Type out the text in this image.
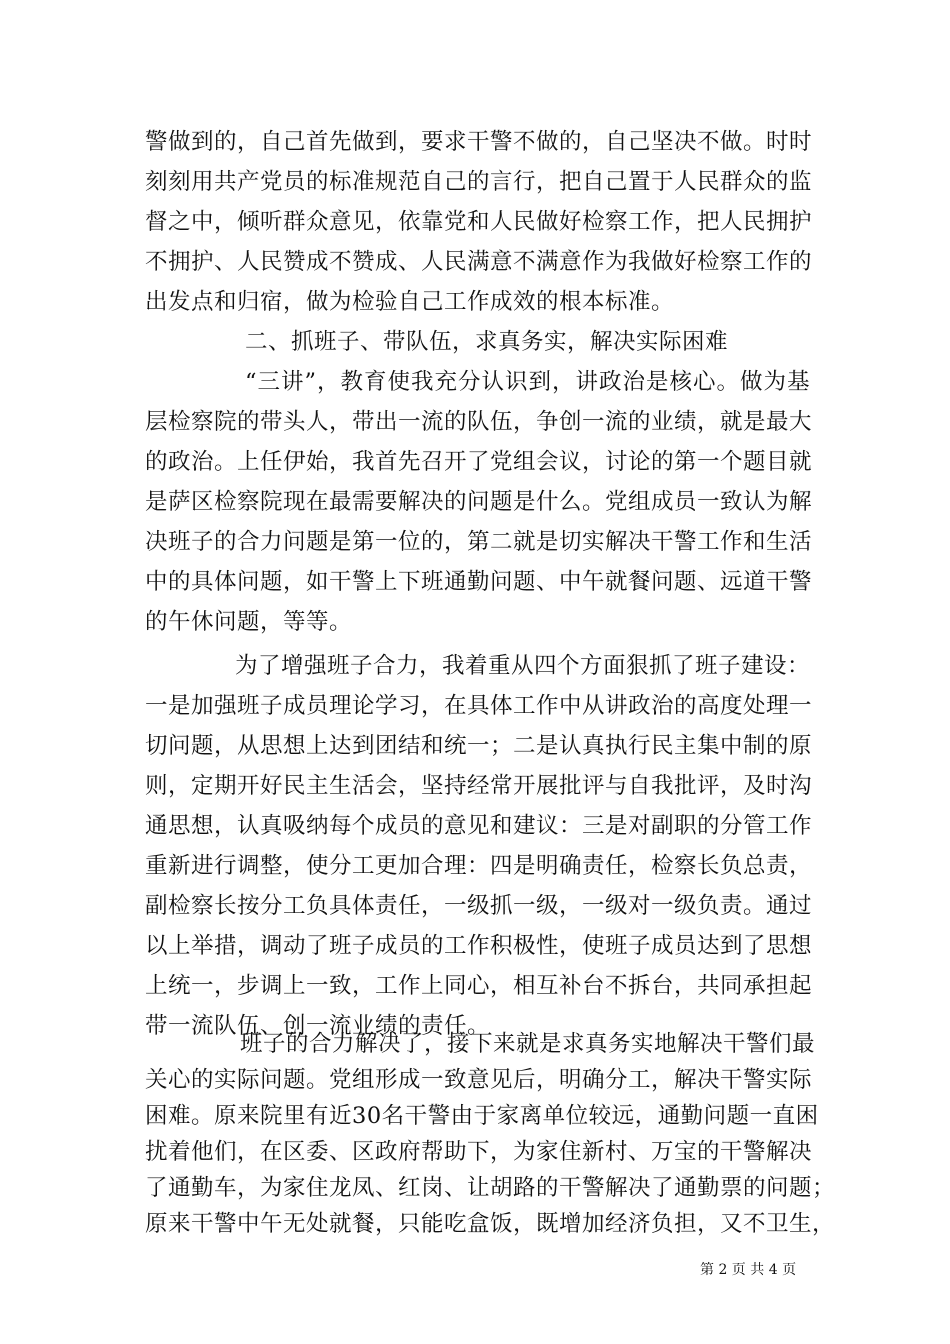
警做到的，自己首先做到，要求干警不做的，自己坚决不做。时时
刻刻用共产党员的标准规范自己的言行，把自己置于人民群众的监
督之中，倾听群众意见，依靠党和人民做好检察工作，把人民拥护
不拥护、人民赞成不赞成、人民满意不满意作为我做好检察工作的
出发点和归宿，做为检验自己工作成效的根本标准。
二、抓班子、带队伍，求真务实，解决实际困难
“三讲”，教育使我充分认识到，讲政治是核心。做为基
层检察院的带头人，带出一流的队伍，争创一流的业绩，就是最大
的政治。上任伊始，我首先召开了党组会议，讨论的第一个题目就
是萨区检察院现在最需要解决的问题是什么。党组成员一致认为解
决班子的合力问题是第一位的，第二就是切实解决干警工作和生活
中的具体问题，如干警上下班通勤问题、中午就餐问题、远道干警
的午休问题，等等。
为了增强班子合力，我着重从四个方面狠抓了班子建设：
一是加强班子成员理论学习，在具体工作中从讲政治的高度处理一
切问题，从思想上达到团结和统一；二是认真执行民主集中制的原
则，定期开好民主生活会，坚持经常开展批评与自我批评，及时沟
通思想，认真吸纳每个成员的意见和建议：三是对副职的分管工作
重新进行调整，使分工更加合理：四是明确责任，检察长负总责，
副检察长按分工负具体责任，一级抓一级，一级对一级负责。通过
以上举措，调动了班子成员的工作积极性，使班子成员达到了思想
上统一，步调上一致，工作上同心，相互补台不拆台，共同承担起
带一流队伍、创一流业绩的责任。
班子的合力解决了，接下来就是求真务实地解决干警们最
关心的实际问题。党组形成一致意见后，明确分工，解决干警实际
困难。原来院里有近30名干警由于家离单位较远，通勤问题一直困
扰着他们，在区委、区政府帮助下，为家住新村、万宝的干警解决
第 2 页 共 4 页
了通勤车，为家住龙凤、红岗、让胡路的干警解决了通勤票的问题；
原来干警中午无处就餐，只能吃盒饭，既增加经济负担，又不卫生，
